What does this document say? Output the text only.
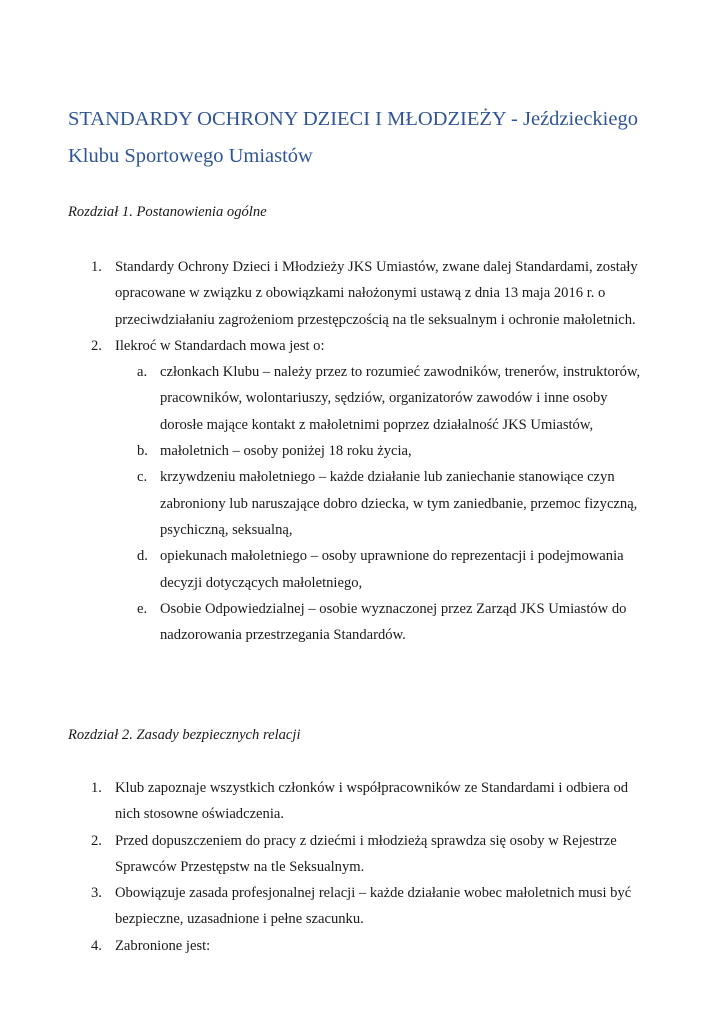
STANDARDY OCHRONY DZIECI I MŁODZIEŻY - Jeździeckiego Klubu Sportowego Umiastów
Rozdział 1. Postanowienia ogólne
1. Standardy Ochrony Dzieci i Młodzieży JKS Umiastów, zwane dalej Standardami, zostały opracowane w związku z obowiązkami nałożonymi ustawą z dnia 13 maja 2016 r. o przeciwdziałaniu zagrożeniom przestępczością na tle seksualnym i ochronie małoletnich.
2. Ilekroć w Standardach mowa jest o:
a. członkach Klubu – należy przez to rozumieć zawodników, trenerów, instruktorów, pracowników, wolontariuszy, sędziów, organizatorów zawodów i inne osoby dorosłe mające kontakt z małoletnimi poprzez działalność JKS Umiastów,
b. małoletnich – osoby poniżej 18 roku życia,
c. krzywdzeniu małoletniego – każde działanie lub zaniechanie stanowiące czyn zabroniony lub naruszające dobro dziecka, w tym zaniedbanie, przemoc fizyczną, psychiczną, seksualną,
d. opiekunach małoletniego – osoby uprawnione do reprezentacji i podejmowania decyzji dotyczących małoletniego,
e. Osobie Odpowiedzialnej – osobie wyznaczonej przez Zarząd JKS Umiastów do nadzorowania przestrzegania Standardów.
Rozdział 2. Zasady bezpiecznych relacji
1. Klub zapoznaje wszystkich członków i współpracowników ze Standardami i odbiera od nich stosowne oświadczenia.
2. Przed dopuszczeniem do pracy z dziećmi i młodzieżą sprawdza się osoby w Rejestrze Sprawców Przestępstw na tle Seksualnym.
3. Obowiązuje zasada profesjonalnej relacji – każde działanie wobec małoletnich musi być bezpieczne, uzasadnione i pełne szacunku.
4. Zabronione jest:
